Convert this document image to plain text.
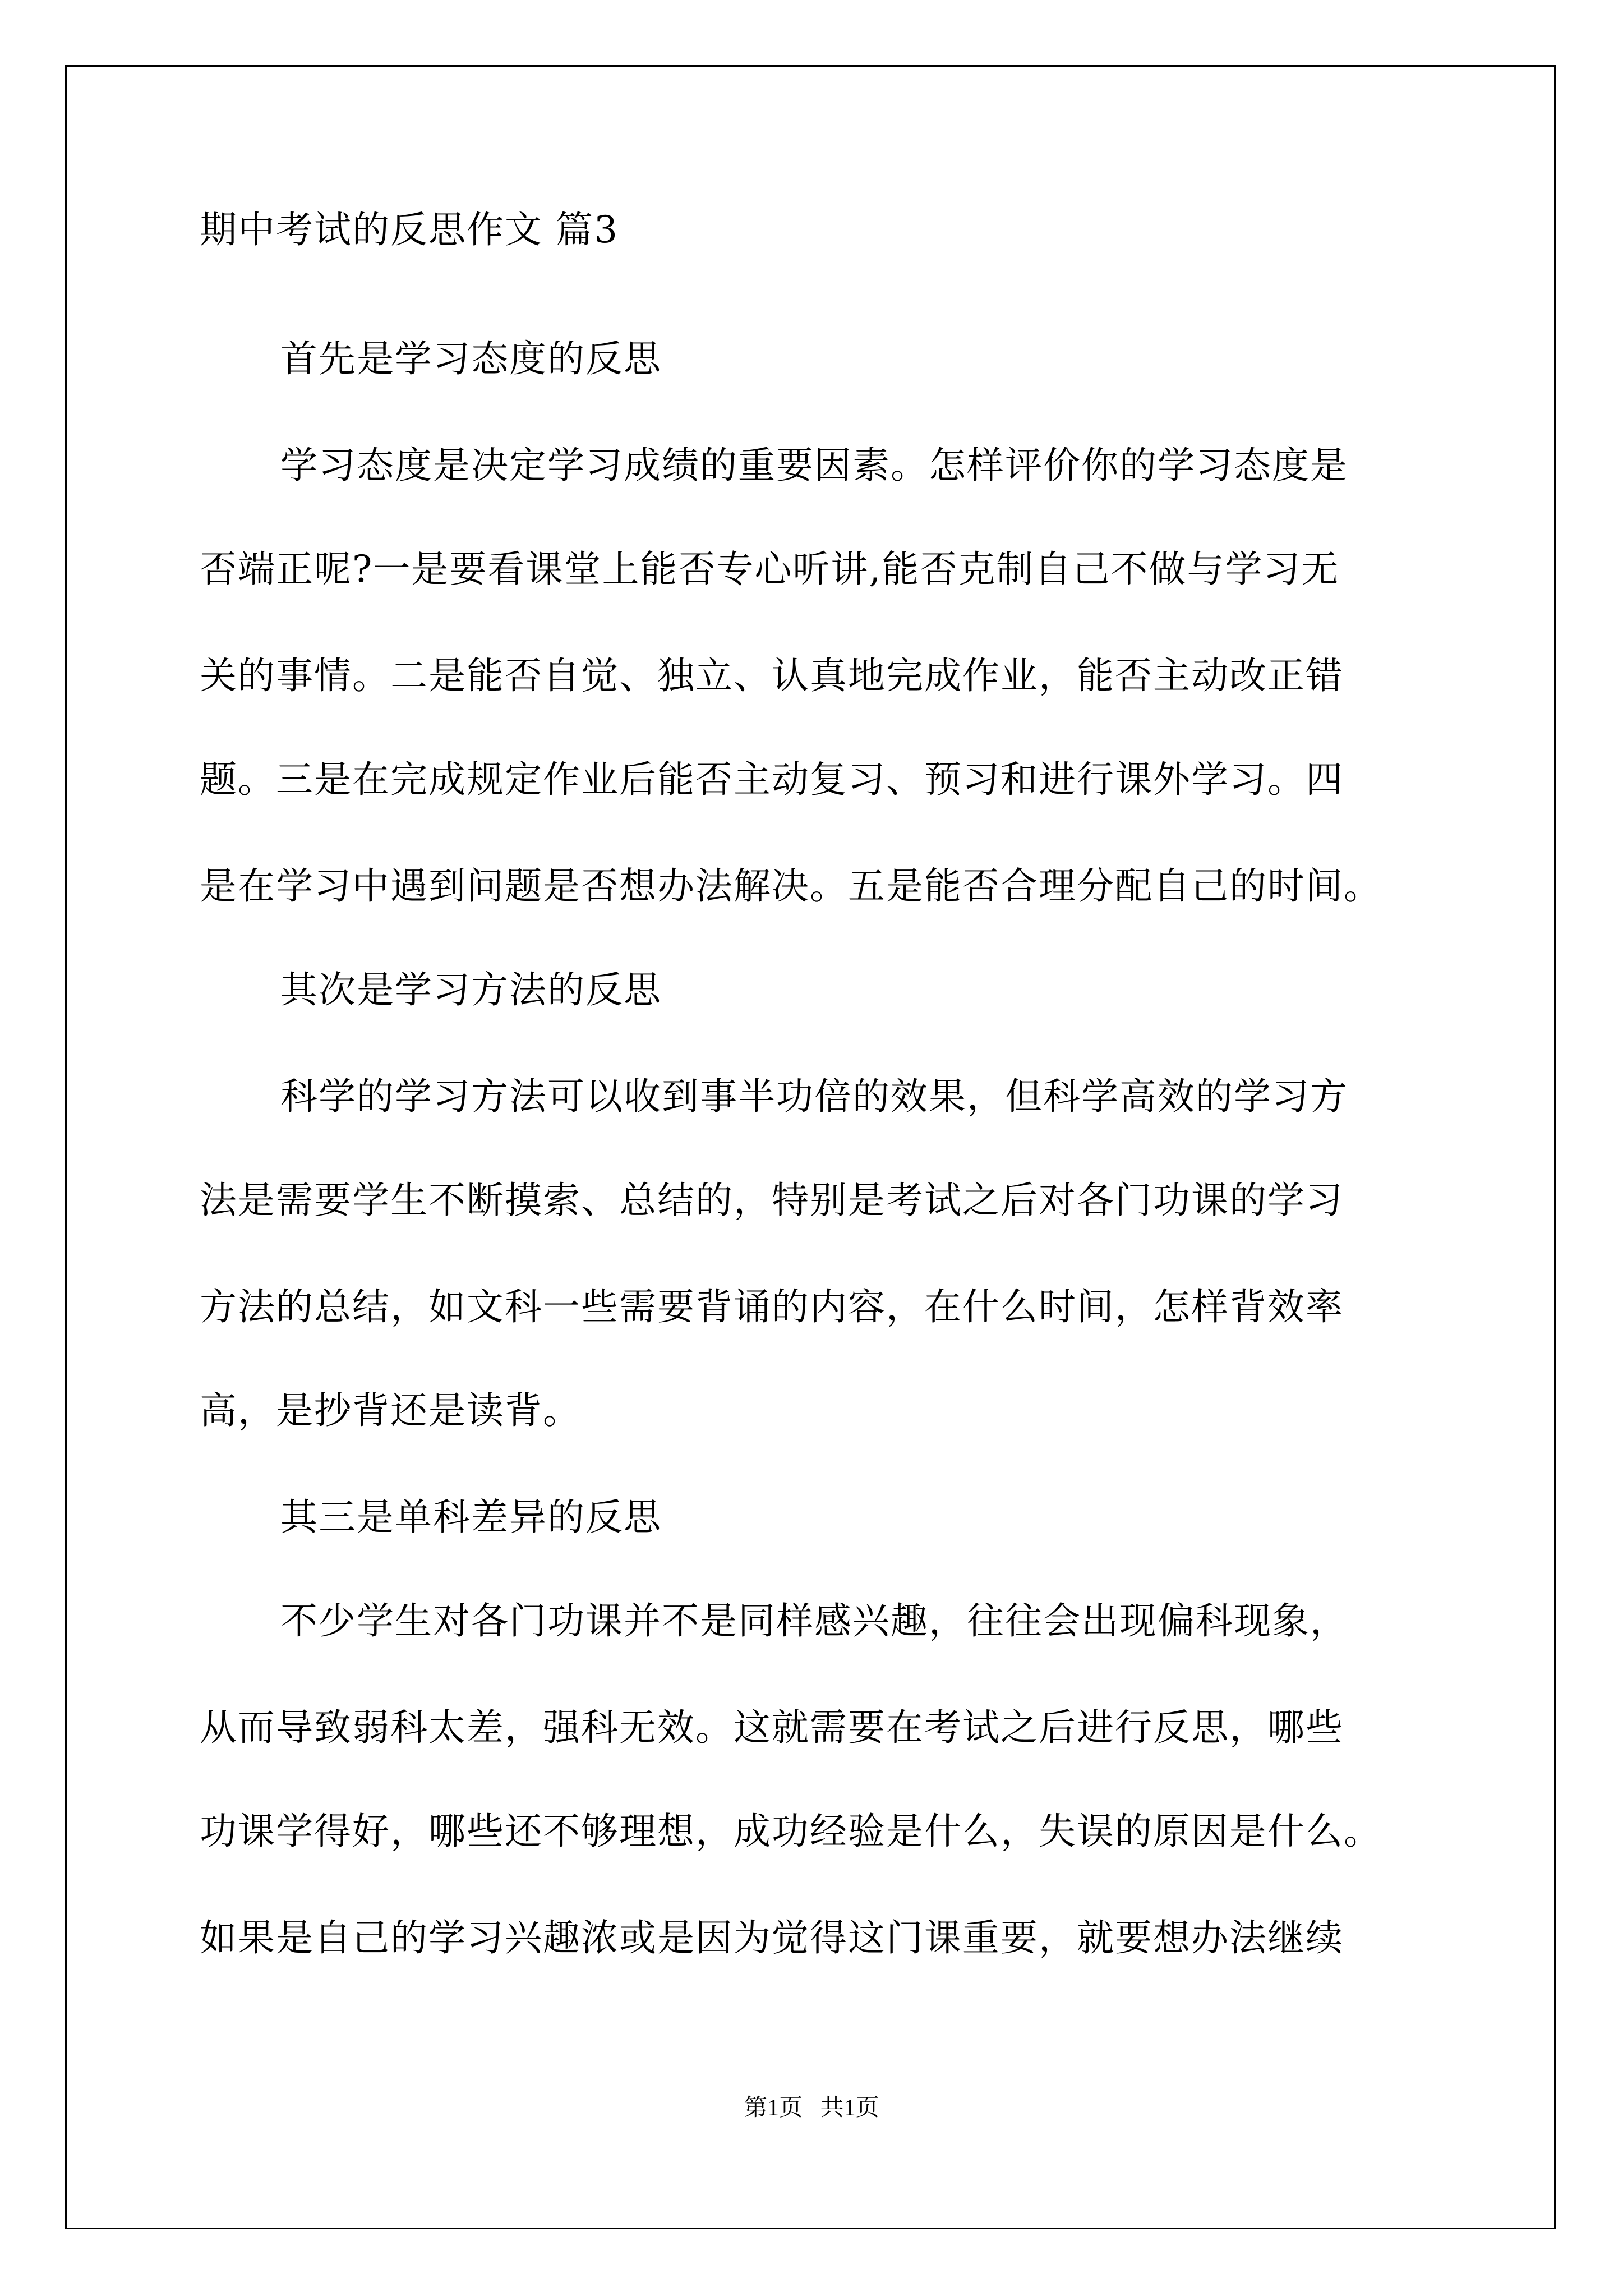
期中考试的反思作文 篇3
首先是学习态度的反思
学习态度是决定学习成绩的重要因素。怎样评价你的学习态度是
否端正呢?一是要看课堂上能否专心听讲,能否克制自己不做与学习无
关的事情。二是能否自觉、独立、认真地完成作业，能否主动改正错
题。三是在完成规定作业后能否主动复习、预习和进行课外学习。四
是在学习中遇到问题是否想办法解决。五是能否合理分配自己的时间。
其次是学习方法的反思
科学的学习方法可以收到事半功倍的效果，但科学高效的学习方
法是需要学生不断摸索、总结的，特别是考试之后对各门功课的学习
方法的总结，如文科一些需要背诵的内容，在什么时间，怎样背效率
高，是抄背还是读背。
其三是单科差异的反思
不少学生对各门功课并不是同样感兴趣，往往会出现偏科现象，
从而导致弱科太差，强科无效。这就需要在考试之后进行反思，哪些
功课学得好，哪些还不够理想，成功经验是什么，失误的原因是什么。
如果是自己的学习兴趣浓或是因为觉得这门课重要，就要想办法继续
第1页   共1页
